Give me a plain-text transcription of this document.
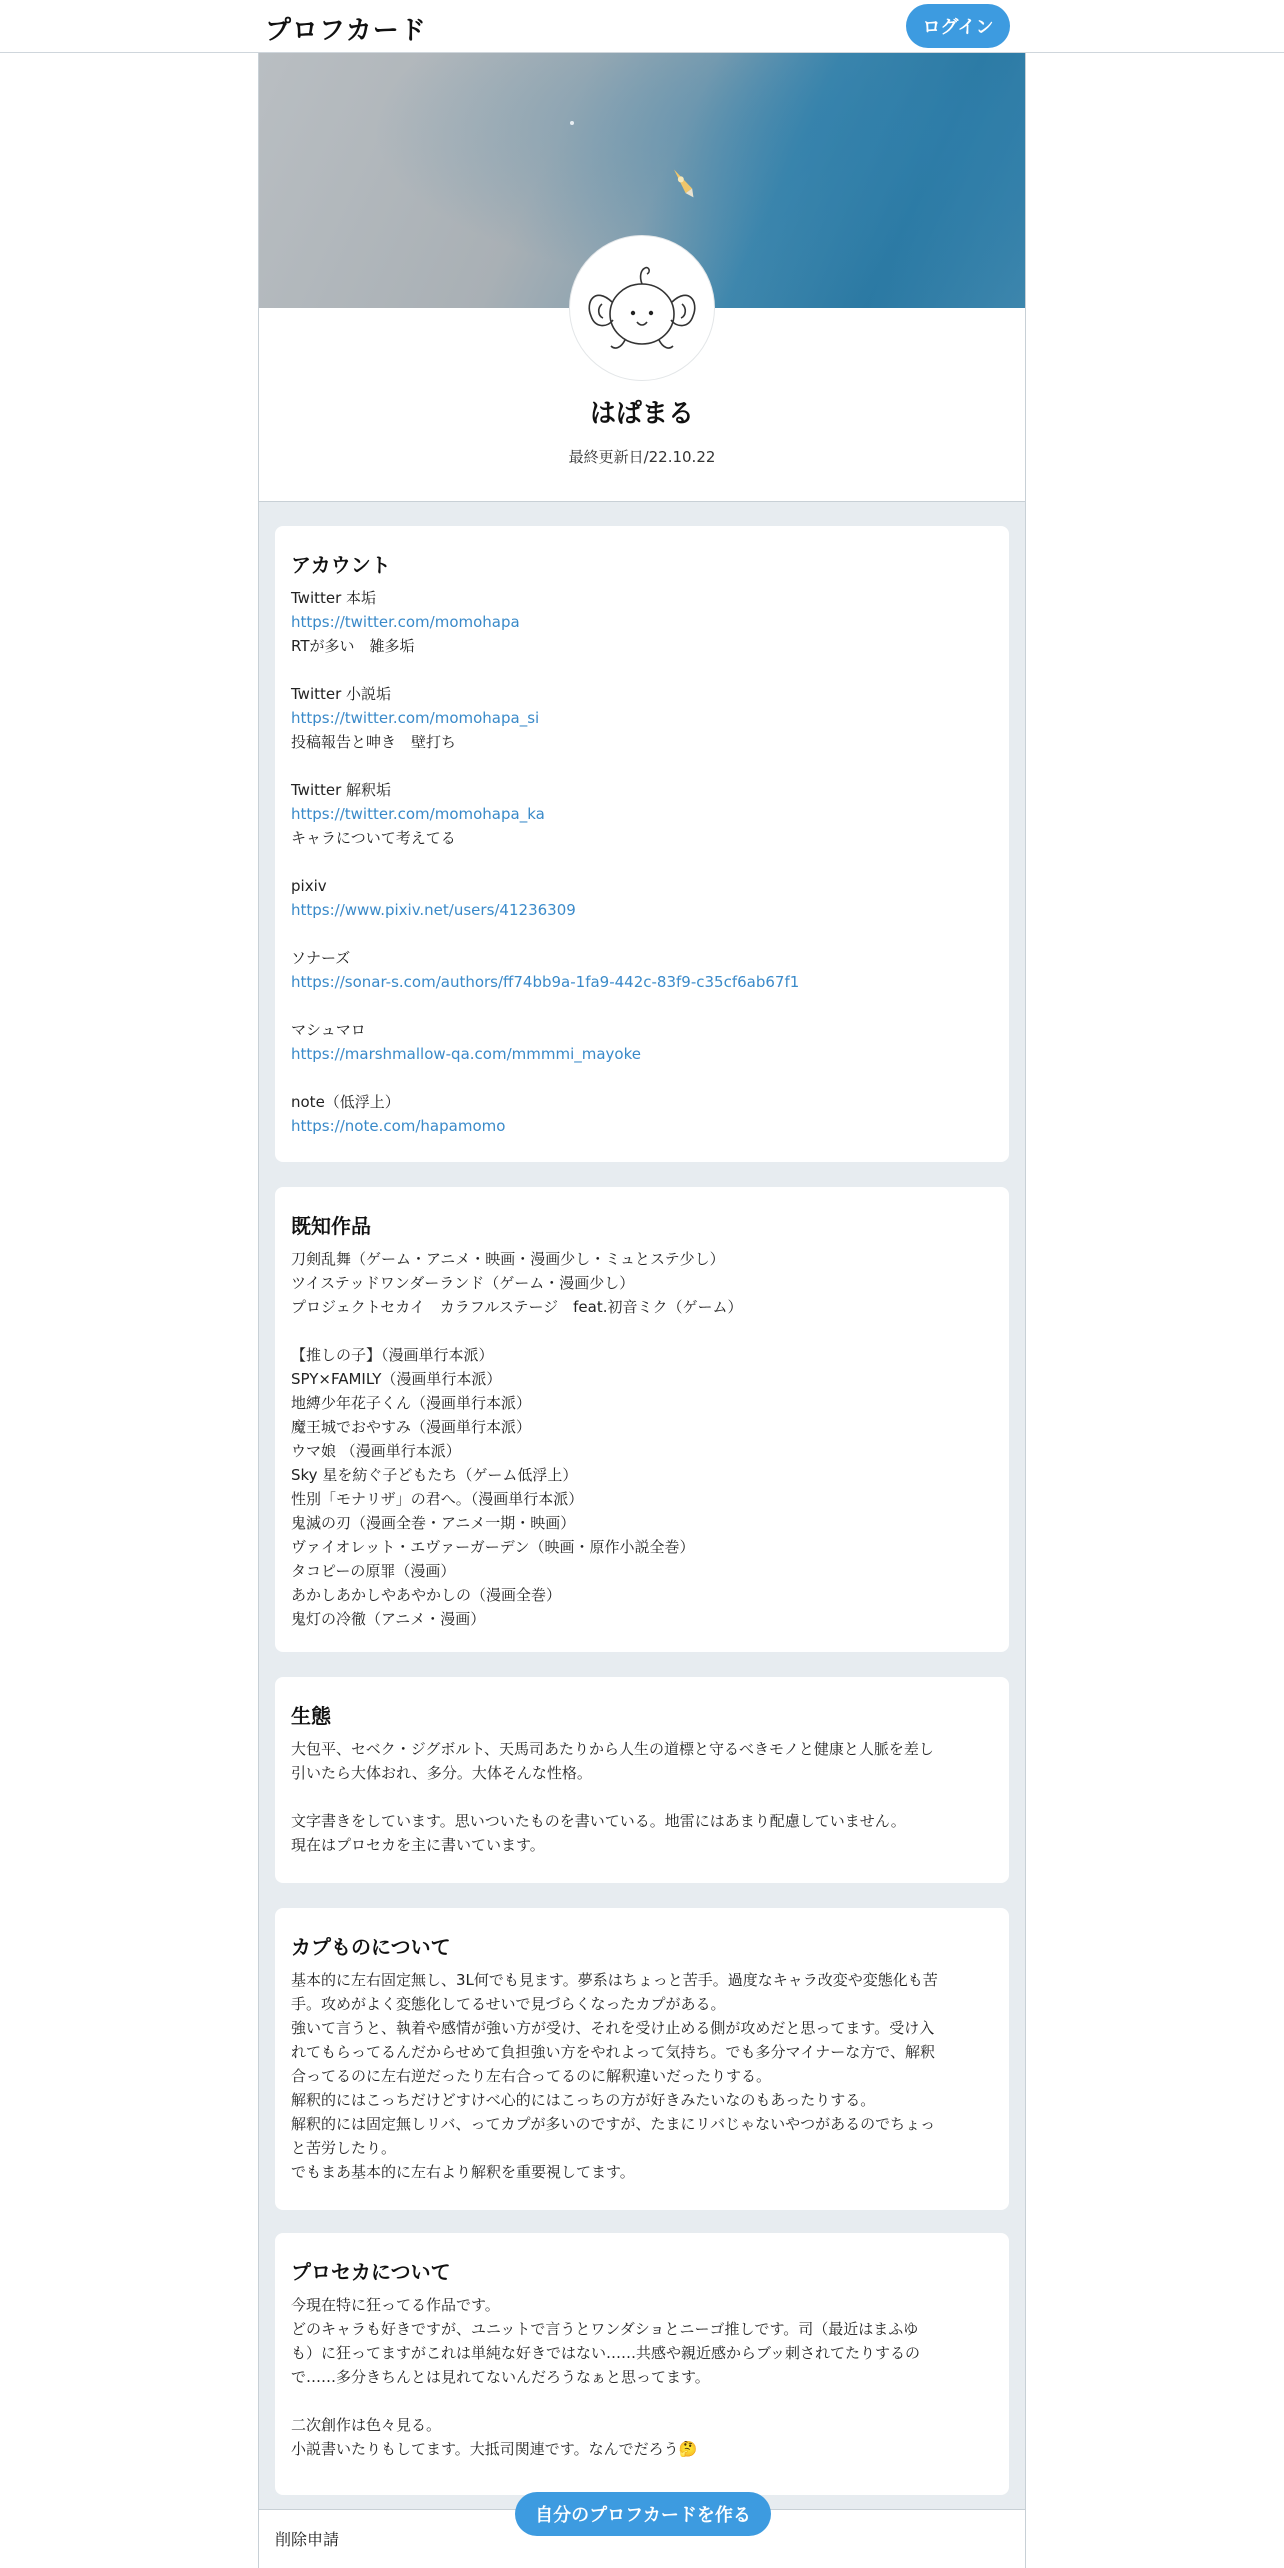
プロフカード	ログイン
はぱまる
最終更新日/22.10.22
アカウント
Twitter 本垢
https://twitter.com/momohapa
RTが多い　雑多垢
Twitter 小説垢
https://twitter.com/momohapa_si
投稿報告と呻き　壁打ち
Twitter 解釈垢
https://twitter.com/momohapa_ka
キャラについて考えてる
pixiv
https://www.pixiv.net/users/41236309
ソナーズ
https://sonar-s.com/authors/ff74bb9a-1fa9-442c-83f9-c35cf6ab67f1
マシュマロ
https://marshmallow-qa.com/mmmmi_mayoke
note（低浮上）
https://note.com/hapamomo
既知作品
刀剣乱舞（ゲーム・アニメ・映画・漫画少し・ミュとステ少し）
ツイステッドワンダーランド（ゲーム・漫画少し）
プロジェクトセカイ　カラフルステージ　feat.初音ミク（ゲーム）
【推しの子】（漫画単行本派）
SPY×FAMILY（漫画単行本派）
地縛少年花子くん（漫画単行本派）
魔王城でおやすみ（漫画単行本派）
ウマ娘 （漫画単行本派）
Sky 星を紡ぐ子どもたち（ゲーム低浮上）
性別「モナリザ」の君へ。（漫画単行本派）
鬼滅の刃（漫画全巻・アニメ一期・映画）
ヴァイオレット・エヴァーガーデン（映画・原作小説全巻）
タコピーの原罪（漫画）
あかしあかしやあやかしの（漫画全巻）
鬼灯の冷徹（アニメ・漫画）
生態
大包平、セベク・ジグボルト、天馬司あたりから人生の道標と守るべきモノと健康と人脈を差し
引いたら大体おれ、多分。大体そんな性格。
文字書きをしています。思いついたものを書いている。地雷にはあまり配慮していません。
現在はプロセカを主に書いています。
カプものについて
基本的に左右固定無し、3L何でも見ます。夢系はちょっと苦手。過度なキャラ改変や変態化も苦
手。攻めがよく変態化してるせいで見づらくなったカプがある。
強いて言うと、執着や感情が強い方が受け、それを受け止める側が攻めだと思ってます。受け入
れてもらってるんだからせめて負担強い方をやれよって気持ち。でも多分マイナーな方で、解釈
合ってるのに左右逆だったり左右合ってるのに解釈違いだったりする。
解釈的にはこっちだけどすけべ心的にはこっちの方が好きみたいなのもあったりする。
解釈的には固定無しリバ、ってカプが多いのですが、たまにリバじゃないやつがあるのでちょっ
と苦労したり。
でもまあ基本的に左右より解釈を重要視してます。
プロセカについて
今現在特に狂ってる作品です。
どのキャラも好きですが、ユニットで言うとワンダショとニーゴ推しです。司（最近はまふゆ
も）に狂ってますがこれは単純な好きではない……共感や親近感からブッ刺されてたりするの
で……多分きちんとは見れてないんだろうなぁと思ってます。
二次創作は色々見る。
小説書いたりもしてます。大抵司関連です。なんでだろう🤔
削除申請
自分のプロフカードを作る
